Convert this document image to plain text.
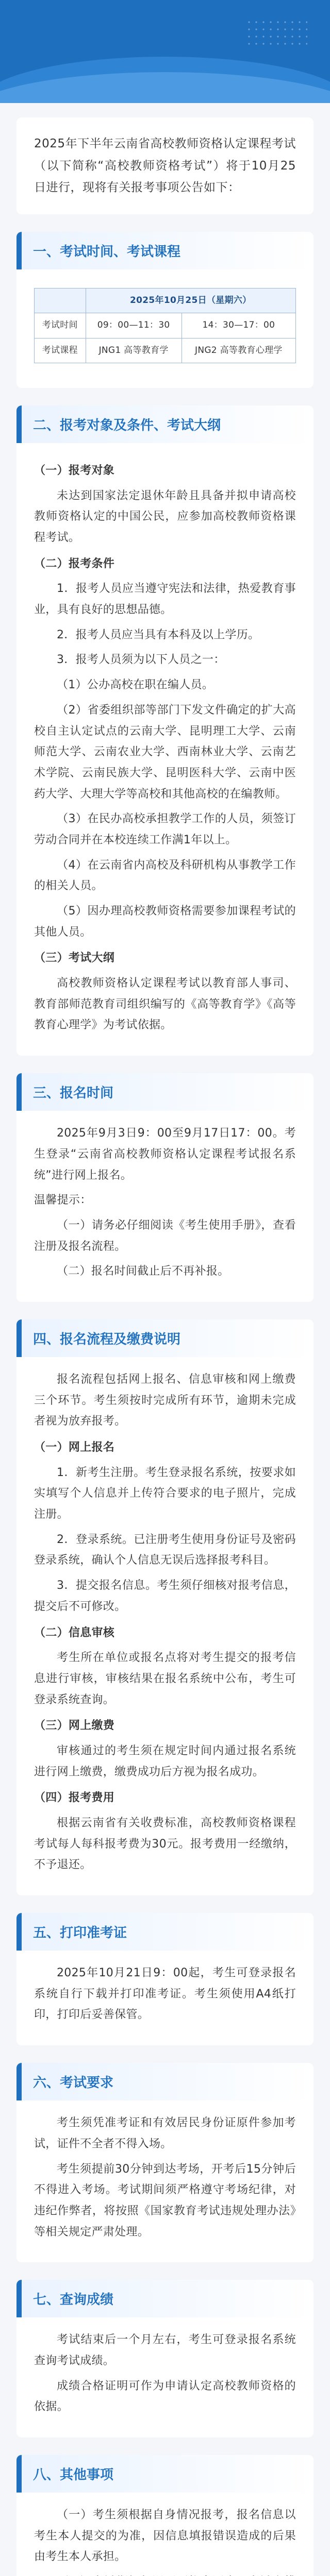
2025年下半年云南省高校教师资格认定课程考试（以下简称“高校教师资格考试”）将于10月25日进行，现将有关报考事项公告如下：
一、考试时间、考试课程
	2025年10月25日（星期六）	
考试时间	09：00—11：30	14：30—17：00
考试课程	JNG1 高等教育学	JNG2 高等教育心理学
二、报考对象及条件、考试大纲

（一）报考对象

未达到国家法定退休年龄且具备并拟申请高校教师资格认定的中国公民，应参加高校教师资格课程考试。

（二）报考条件

1．报考人员应当遵守宪法和法律，热爱教育事业，具有良好的思想品德。

2．报考人员应当具有本科及以上学历。

3．报考人员须为以下人员之一：

（1）公办高校在职在编人员。

（2）省委组织部等部门下发文件确定的扩大高校自主认定试点的云南大学、昆明理工大学、云南师范大学、云南农业大学、西南林业大学、云南艺术学院、云南民族大学、昆明医科大学、云南中医药大学、大理大学等高校和其他高校的在编教师。

（3）在民办高校承担教学工作的人员，须签订劳动合同并在本校连续工作满1年以上。

（4）在云南省内高校及科研机构从事教学工作的相关人员。

（5）因办理高校教师资格需要参加课程考试的其他人员。

（三）考试大纲

高校教师资格认定课程考试以教育部人事司、教育部师范教育司组织编写的《高等教育学》《高等教育心理学》为考试依据。

三、报名时间

2025年9月3日9：00至9月17日17：00。考生登录“云南省高校教师资格认定课程考试报名系统”进行网上报名。

温馨提示：

（一）请务必仔细阅读《考生使用手册》，查看注册及报名流程。

（二）报名时间截止后不再补报。

四、报名流程及缴费说明

报名流程包括网上报名、信息审核和网上缴费三个环节。考生须按时完成所有环节，逾期未完成者视为放弃报考。

（一）网上报名

1．新考生注册。考生登录报名系统，按要求如实填写个人信息并上传符合要求的电子照片，完成注册。

2．登录系统。已注册考生使用身份证号及密码登录系统，确认个人信息无误后选择报考科目。

3．提交报名信息。考生须仔细核对报考信息，提交后不可修改。

（二）信息审核

考生所在单位或报名点将对考生提交的报考信息进行审核，审核结果在报名系统中公布，考生可登录系统查询。

（三）网上缴费

审核通过的考生须在规定时间内通过报名系统进行网上缴费，缴费成功后方视为报名成功。

（四）报考费用

根据云南省有关收费标准，高校教师资格课程考试每人每科报考费为30元。报考费用一经缴纳，不予退还。

五、打印准考证

2025年10月21日9：00起，考生可登录报名系统自行下载并打印准考证。考生须使用A4纸打印，打印后妥善保管。

六、考试要求

考生须凭准考证和有效居民身份证原件参加考试，证件不全者不得入场。

考生须提前30分钟到达考场，开考后15分钟后不得进入考场。考试期间须严格遵守考场纪律，对违纪作弊者，将按照《国家教育考试违规处理办法》等相关规定严肃处理。

七、查询成绩

考试结束后一个月左右，考生可登录报名系统查询考试成绩。

成绩合格证明可作为申请认定高校教师资格的依据。

八、其他事项

（一）考生须根据自身情况报考，报名信息以考生本人提交的为准，因信息填报错误造成的后果由考生本人承担。
